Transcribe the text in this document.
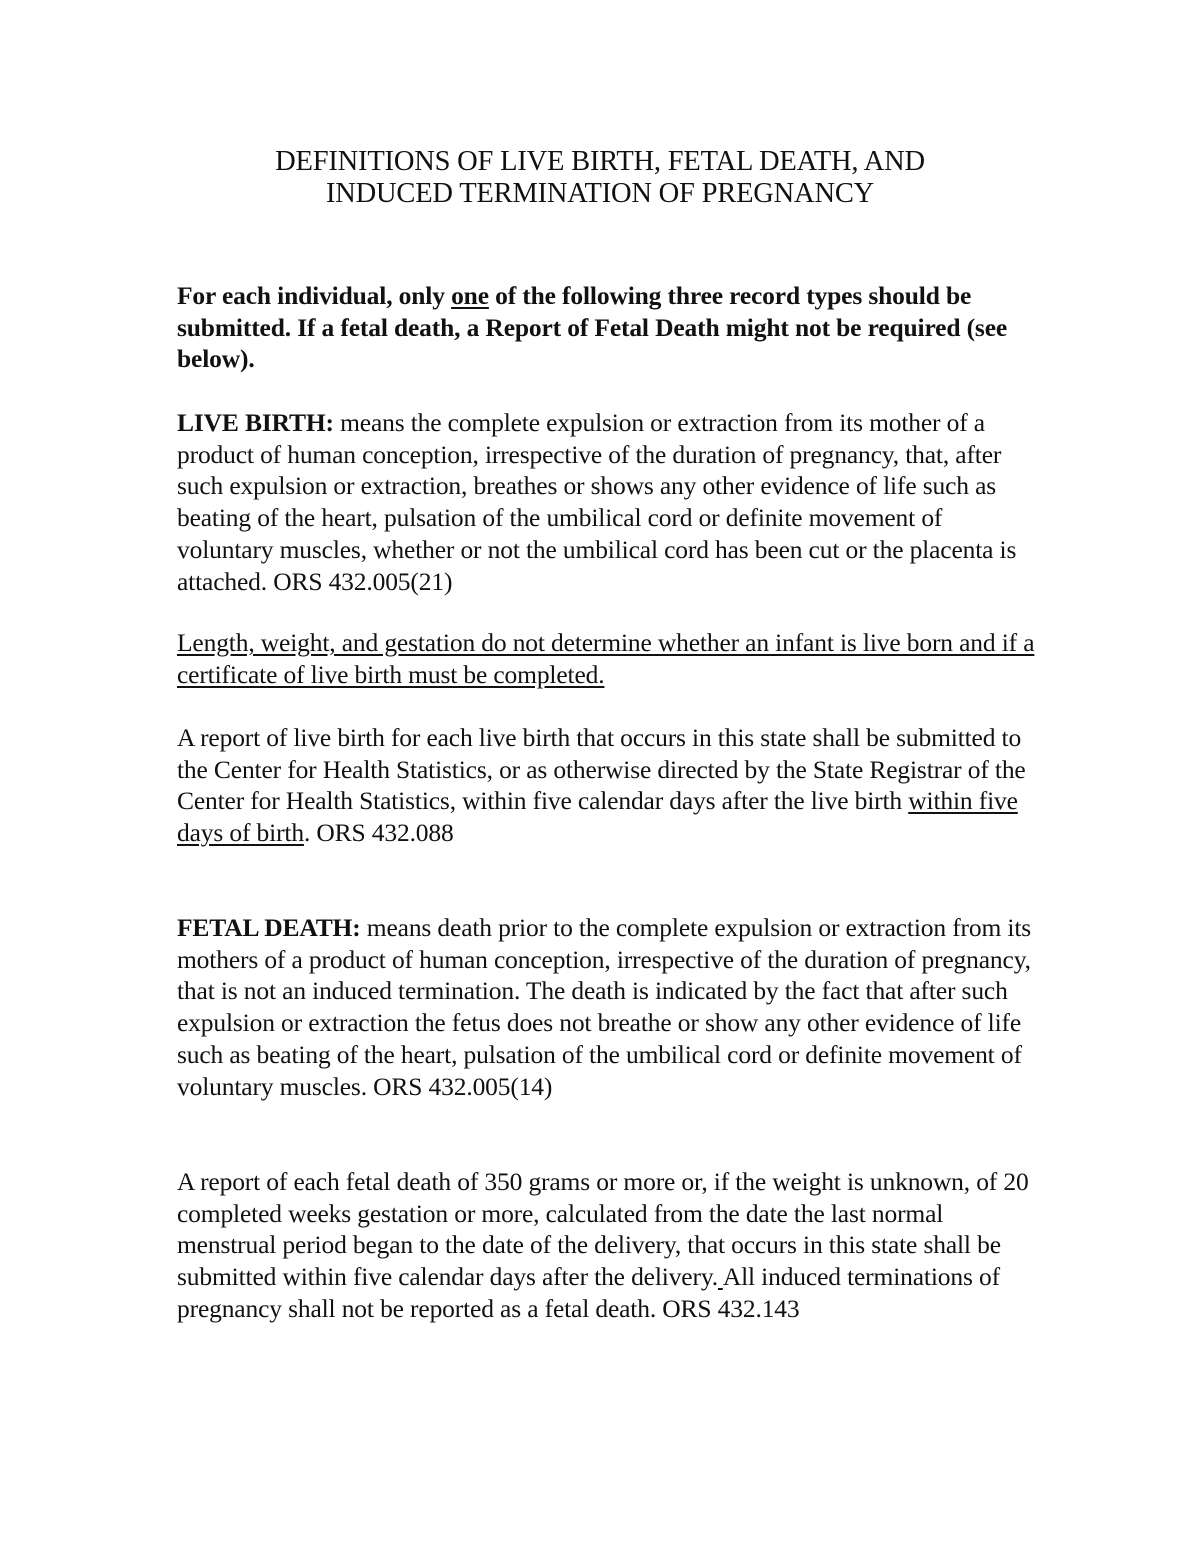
DEFINITIONS OF LIVE BIRTH, FETAL DEATH, AND
INDUCED TERMINATION OF PREGNANCY
For each individual, only one of the following three record types should be submitted. If a fetal death, a Report of Fetal Death might not be required (see below).
LIVE BIRTH: means the complete expulsion or extraction from its mother of a product of human conception, irrespective of the duration of pregnancy, that, after such expulsion or extraction, breathes or shows any other evidence of life such as beating of the heart, pulsation of the umbilical cord or definite movement of voluntary muscles, whether or not the umbilical cord has been cut or the placenta is attached. ORS 432.005(21)
Length, weight, and gestation do not determine whether an infant is live born and if a certificate of live birth must be completed.
A report of live birth for each live birth that occurs in this state shall be submitted to the Center for Health Statistics, or as otherwise directed by the State Registrar of the Center for Health Statistics, within five calendar days after the live birth within five days of birth. ORS 432.088
FETAL DEATH: means death prior to the complete expulsion or extraction from its mothers of a product of human conception, irrespective of the duration of pregnancy, that is not an induced termination. The death is indicated by the fact that after such expulsion or extraction the fetus does not breathe or show any other evidence of life such as beating of the heart, pulsation of the umbilical cord or definite movement of voluntary muscles. ORS 432.005(14)
A report of each fetal death of 350 grams or more or, if the weight is unknown, of 20 completed weeks gestation or more, calculated from the date the last normal menstrual period began to the date of the delivery, that occurs in this state shall be submitted within five calendar days after the delivery. All induced terminations of pregnancy shall not be reported as a fetal death. ORS 432.143
